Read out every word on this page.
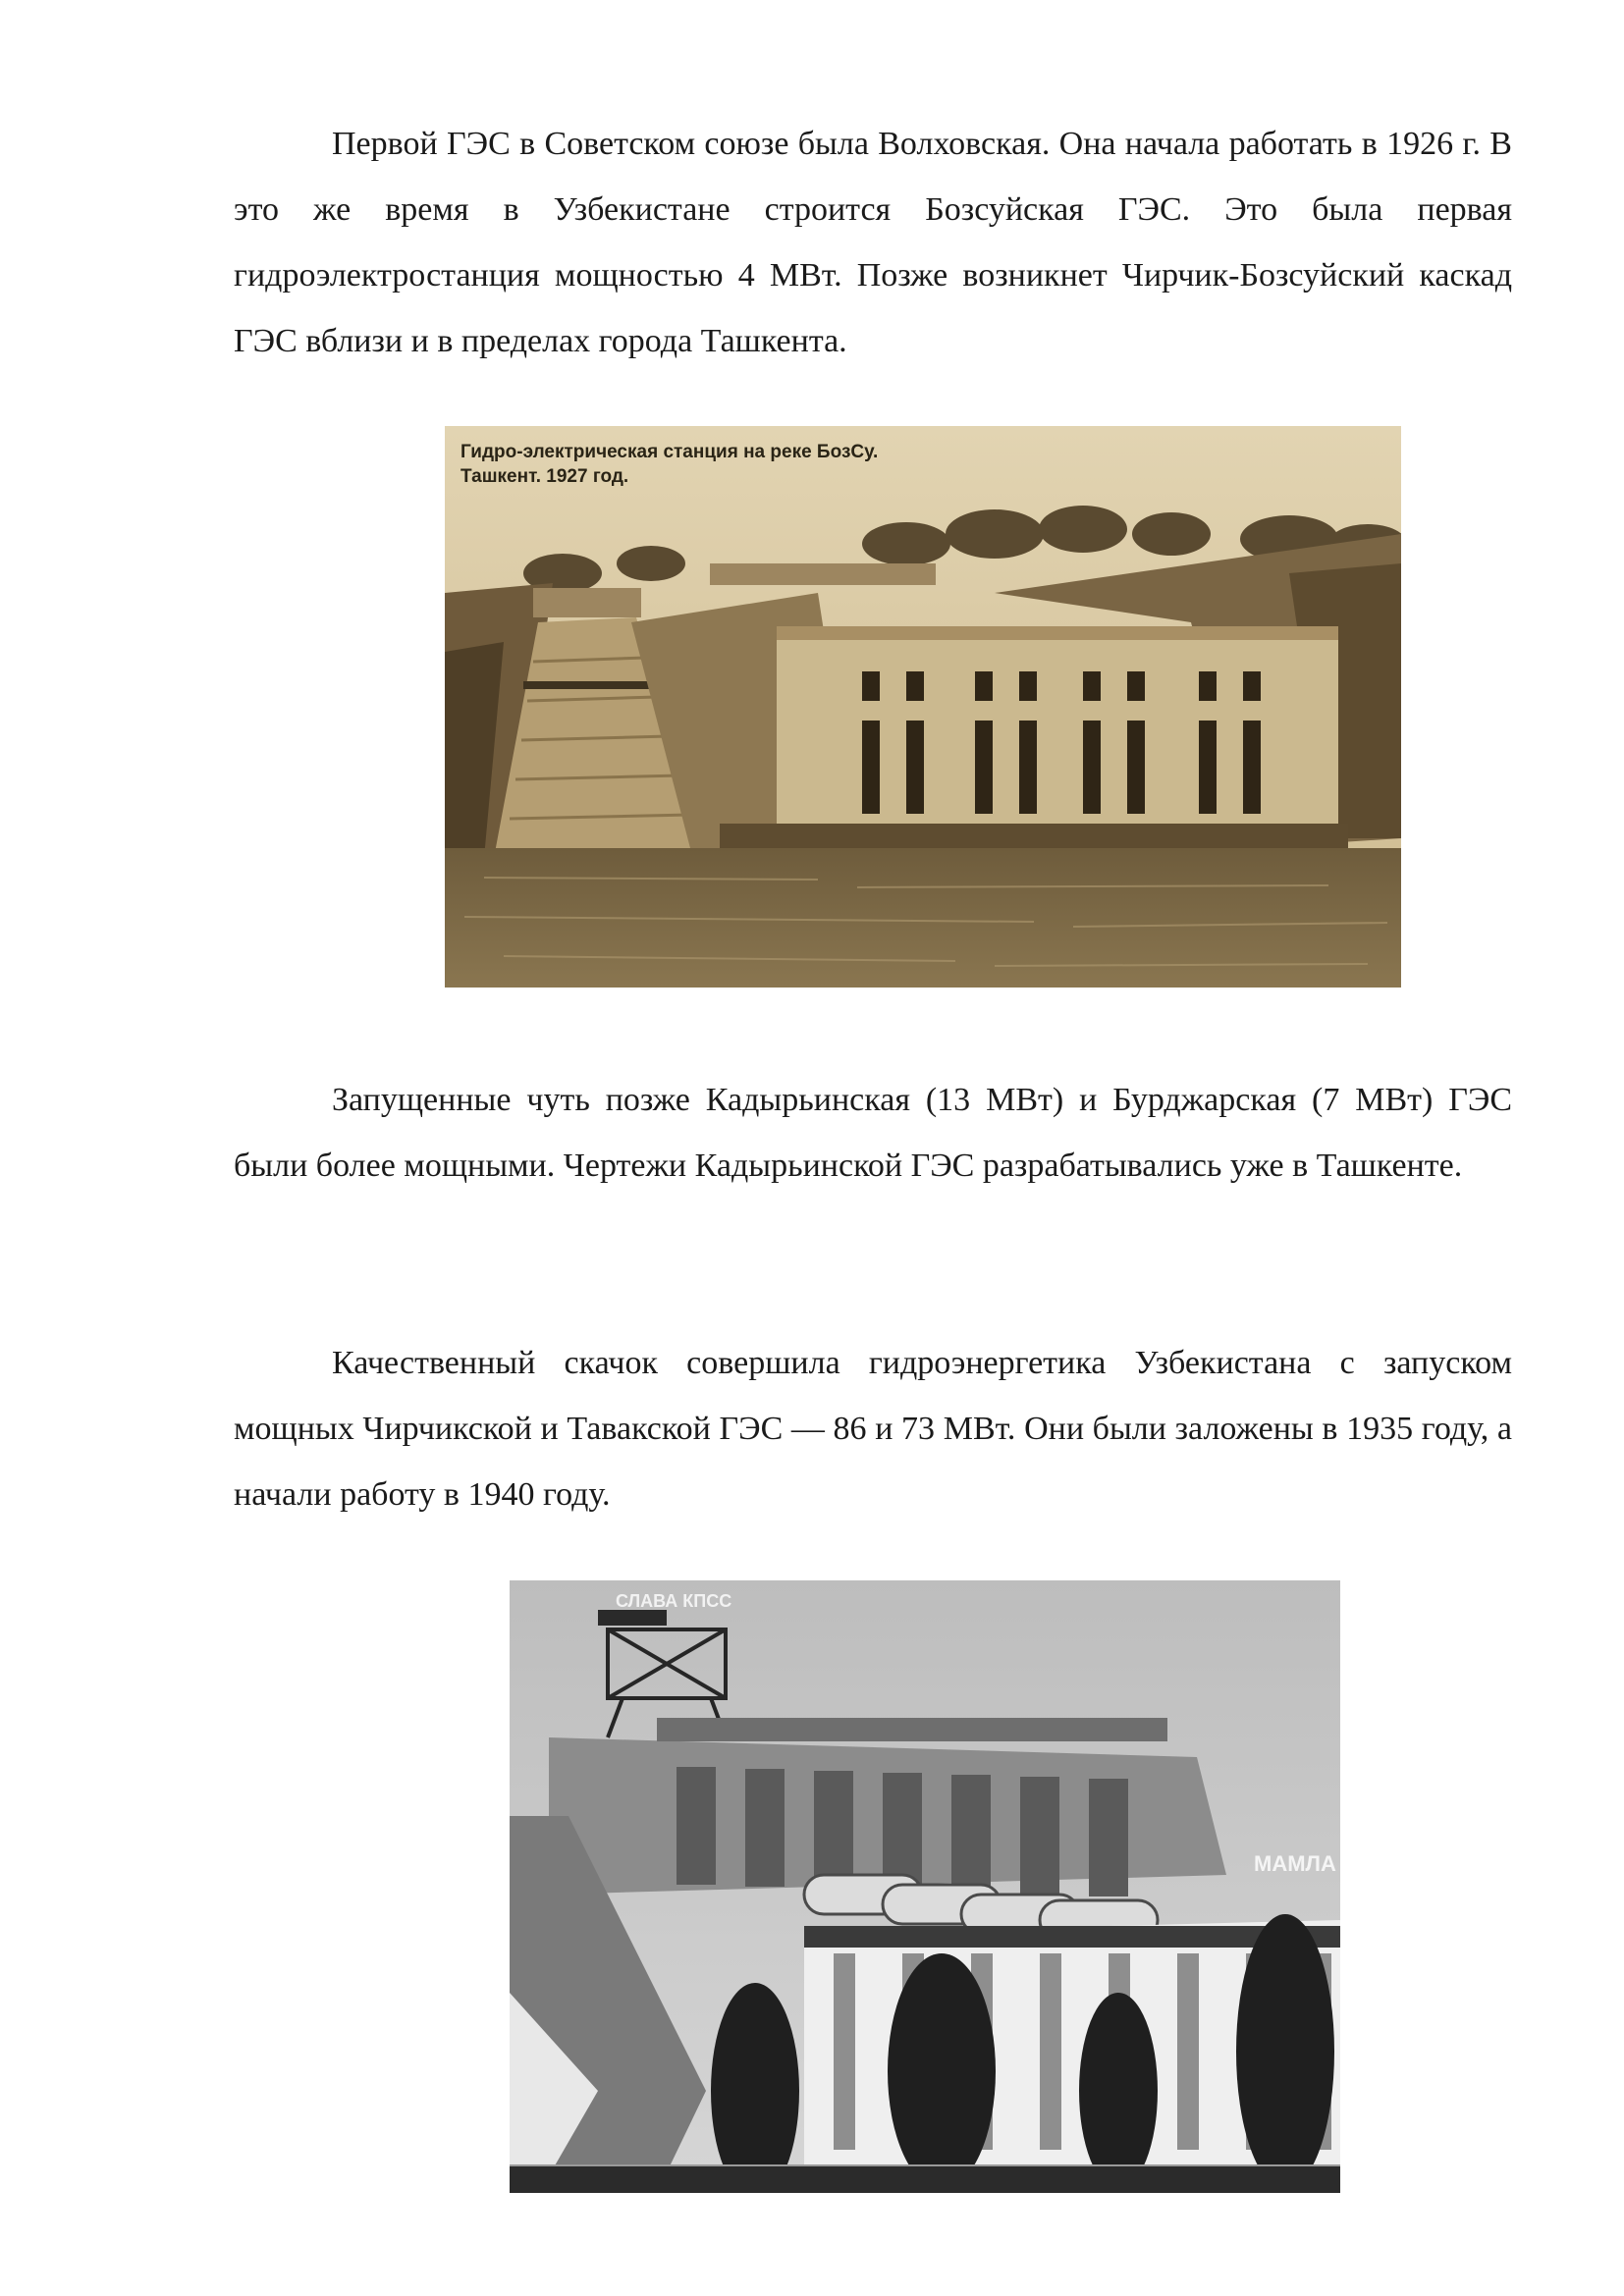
Первой ГЭС в Советском союзе была Волховская. Она начала работать в 1926 г. В это же время в Узбекистане строится Бозсуйская ГЭС. Это была первая гидроэлектростанция мощностью 4 МВт. Позже возникнет Чирчик-Бозсуйский каскад ГЭС вблизи и в пределах города Ташкента.

Гидро-электрическая станция на реке БозСу.
Ташкент. 1927 год.

Запущенные чуть позже Кадырьинская (13 МВт) и Бурджарская (7 МВт) ГЭС были более мощными. Чертежи Кадырьинской ГЭС разрабатывались уже в Ташкенте.

Качественный скачок совершила гидроэнергетика Узбекистана с запуском мощных Чирчикской и Тавакской ГЭС — 86 и 73 МВт. Они были заложены в 1935 году, а начали работу в 1940 году.

СЛАВА КПСС
МАМЛА
